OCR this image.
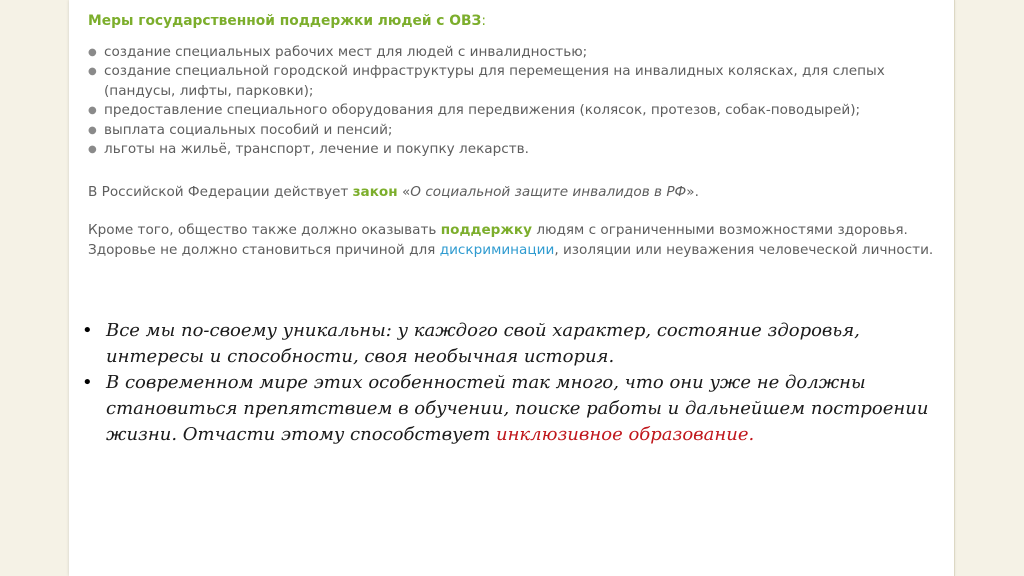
Меры государственной поддержки людей с ОВЗ:
● создание специальных рабочих мест для людей с инвалидностью;
● создание специальной городской инфраструктуры для перемещения на инвалидных колясках, для слепых (пандусы, лифты, парковки);
● предоставление специального оборудования для передвижения (колясок, протезов, собак-поводырей);
● выплата социальных пособий и пенсий;
● льготы на жильё, транспорт, лечение и покупку лекарств.

В Российской Федерации действует закон «О социальной защите инвалидов в РФ».

Кроме того, общество также должно оказывать поддержку людям с ограниченными возможностями здоровья. Здоровье не должно становиться причиной для дискриминации, изоляции или неуважения человеческой личности.

• Все мы по-своему уникальны: у каждого свой характер, состояние здоровья, интересы и способности, своя необычная история.
• В современном мире этих особенностей так много, что они уже не должны становиться препятствием в обучении, поиске работы и дальнейшем построении жизни. Отчасти этому способствует инклюзивное образование.
